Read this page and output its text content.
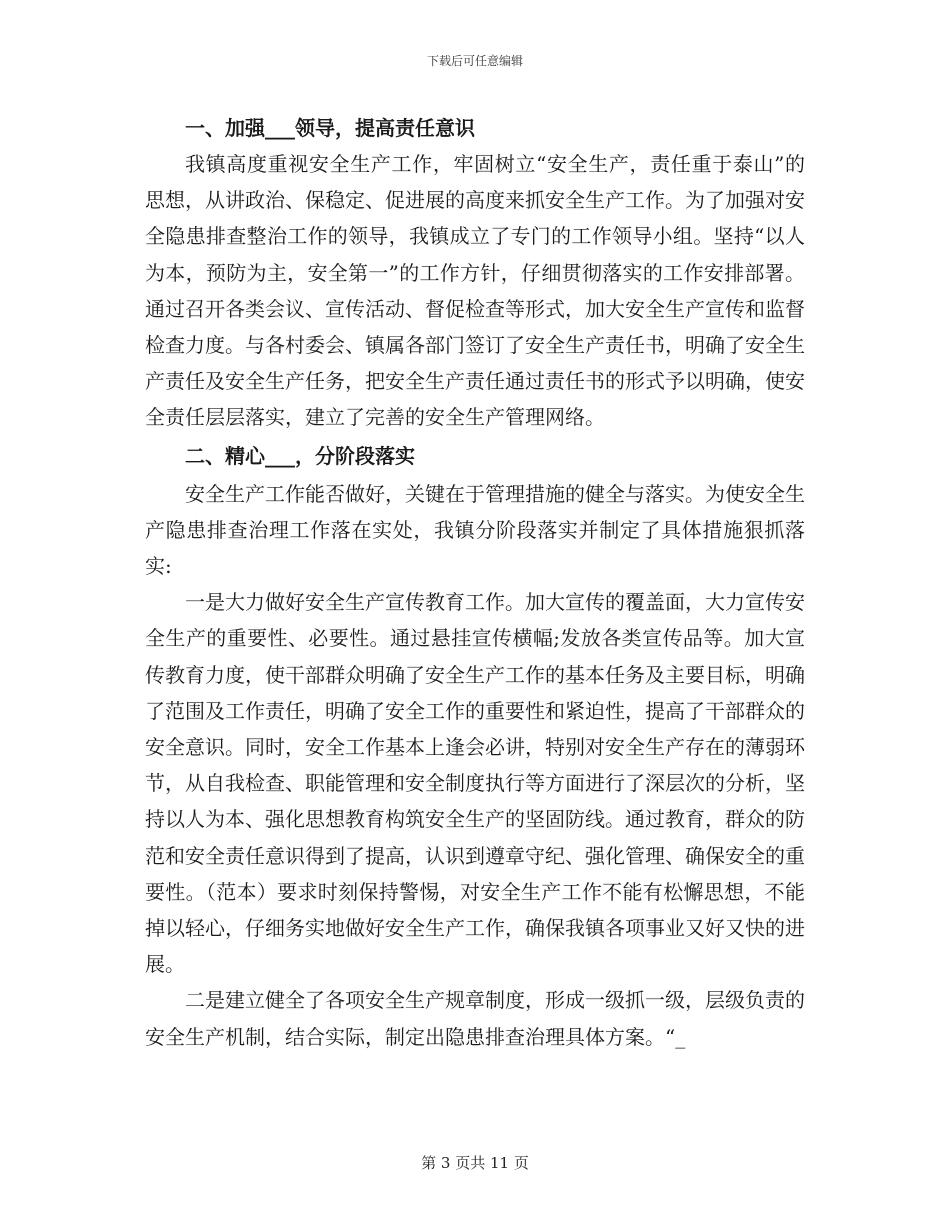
下载后可任意编辑

一、加强___领导，提高责任意识

我镇高度重视安全生产工作，牢固树立“安全生产，责任重于泰山”的思想，从讲政治、保稳定、促进展的高度来抓安全生产工作。为了加强对安全隐患排查整治工作的领导，我镇成立了专门的工作领导小组。坚持“以人为本，预防为主，安全第一”的工作方针，仔细贯彻落实的工作安排部署。通过召开各类会议、宣传活动、督促检查等形式，加大安全生产宣传和监督检查力度。与各村委会、镇属各部门签订了安全生产责任书，明确了安全生产责任及安全生产任务，把安全生产责任通过责任书的形式予以明确，使安全责任层层落实，建立了完善的安全生产管理网络。

二、精心___，分阶段落实

安全生产工作能否做好，关键在于管理措施的健全与落实。为使安全生产隐患排查治理工作落在实处，我镇分阶段落实并制定了具体措施狠抓落实:

一是大力做好安全生产宣传教育工作。加大宣传的覆盖面，大力宣传安全生产的重要性、必要性。通过悬挂宣传横幅;发放各类宣传品等。加大宣传教育力度，使干部群众明确了安全生产工作的基本任务及主要目标，明确了范围及工作责任，明确了安全工作的重要性和紧迫性，提高了干部群众的安全意识。同时，安全工作基本上逢会必讲，特别对安全生产存在的薄弱环节，从自我检查、职能管理和安全制度执行等方面进行了深层次的分析，坚持以人为本、强化思想教育构筑安全生产的坚固防线。通过教育，群众的防范和安全责任意识得到了提高，认识到遵章守纪、强化管理、确保安全的重要性。（范本）要求时刻保持警惕，对安全生产工作不能有松懈思想，不能掉以轻心，仔细务实地做好安全生产工作，确保我镇各项事业又好又快的进展。

二是建立健全了各项安全生产规章制度，形成一级抓一级，层级负责的安全生产机制，结合实际，制定出隐患排查治理具体方案。“_

第 3 页共 11 页
